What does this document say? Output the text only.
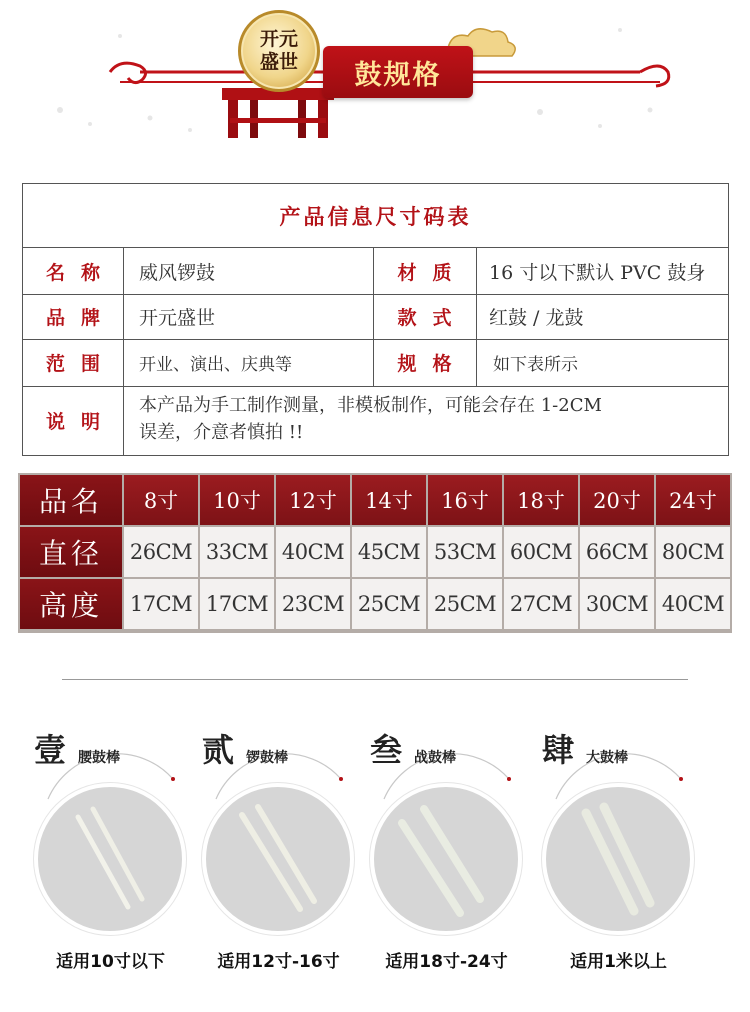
开元
盛世	鼓规格
产品信息尺寸码表
名称	威风锣鼓	材质	16 寸以下默认 PVC 鼓身
品牌	开元盛世	款式	红鼓 / 龙鼓
范围	开业、演出、庆典等	规格	如下表所示
说明
本产品为手工制作测量，非模板制作，可能会存在 1-2CM
误差，介意者慎拍 !!
品名	8寸	10寸	12寸	14寸	16寸	18寸	20寸	24寸
直径	26CM 33CM 40CM 45CM 53CM 60CM 66CM 80CM
高度	17CM 17CM 23CM 25CM 25CM 27CM 30CM 40CM
壹 腰鼓棒
适用10寸以下
贰 锣鼓棒
适用12寸-16寸
叁 战鼓棒
适用18寸-24寸
肆 大鼓棒
适用1米以上
